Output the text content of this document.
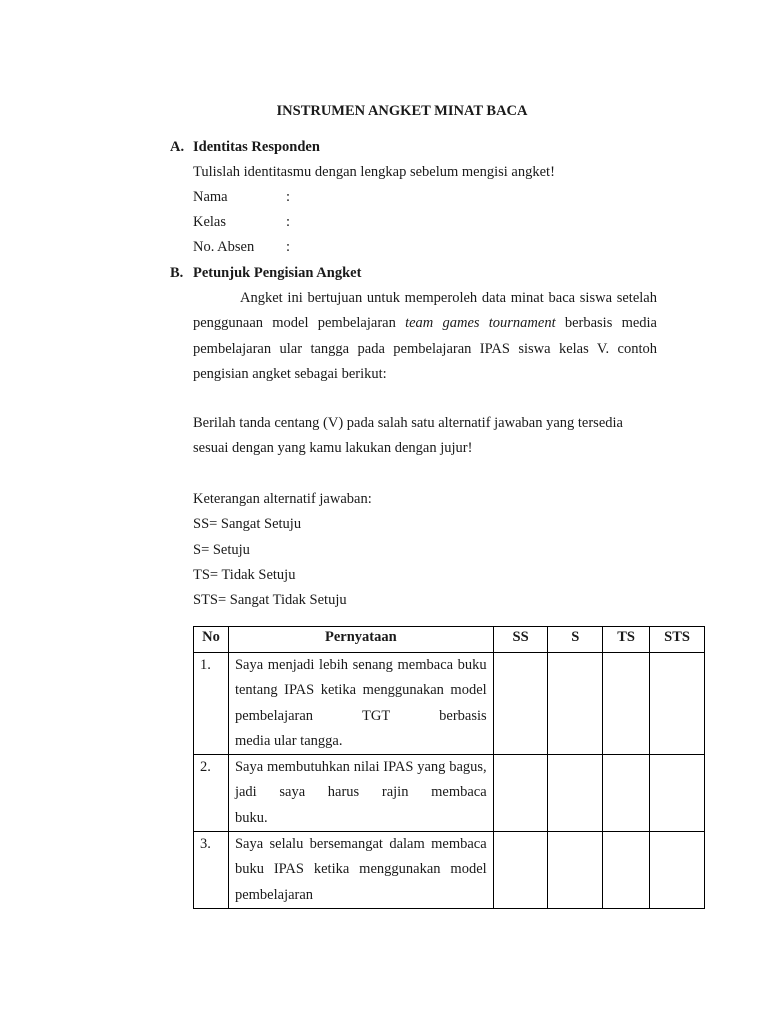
INSTRUMEN ANGKET MINAT BACA
A. Identitas Responden
Tulislah identitasmu dengan lengkap sebelum mengisi angket!
Nama	:
Kelas	:
No. Absen :
B. Petunjuk Pengisian Angket
Angket ini bertujuan untuk memperoleh data minat baca siswa setelah penggunaan model pembelajaran team games tournament berbasis media pembelajaran ular tangga pada pembelajaran IPAS siswa kelas V. contoh pengisian angket sebagai berikut:
Berilah tanda centang (V) pada salah satu alternatif jawaban yang tersedia sesuai dengan yang kamu lakukan dengan jujur!
Keterangan alternatif jawaban:
SS= Sangat Setuju
S= Setuju
TS= Tidak Setuju
STS= Sangat Tidak Setuju
No	Pernyataan	SS	S	TS	STS
1.	Saya menjadi lebih senang membaca buku tentang IPAS ketika menggunakan model pembelajaran TGT berbasis
media ular tangga.				

2.	Saya membutuhkan nilai IPAS yang bagus, jadi saya harus rajin membaca
buku.				

3.	Saya selalu bersemangat dalam membaca buku IPAS ketika menggunakan model pembelajaran				
